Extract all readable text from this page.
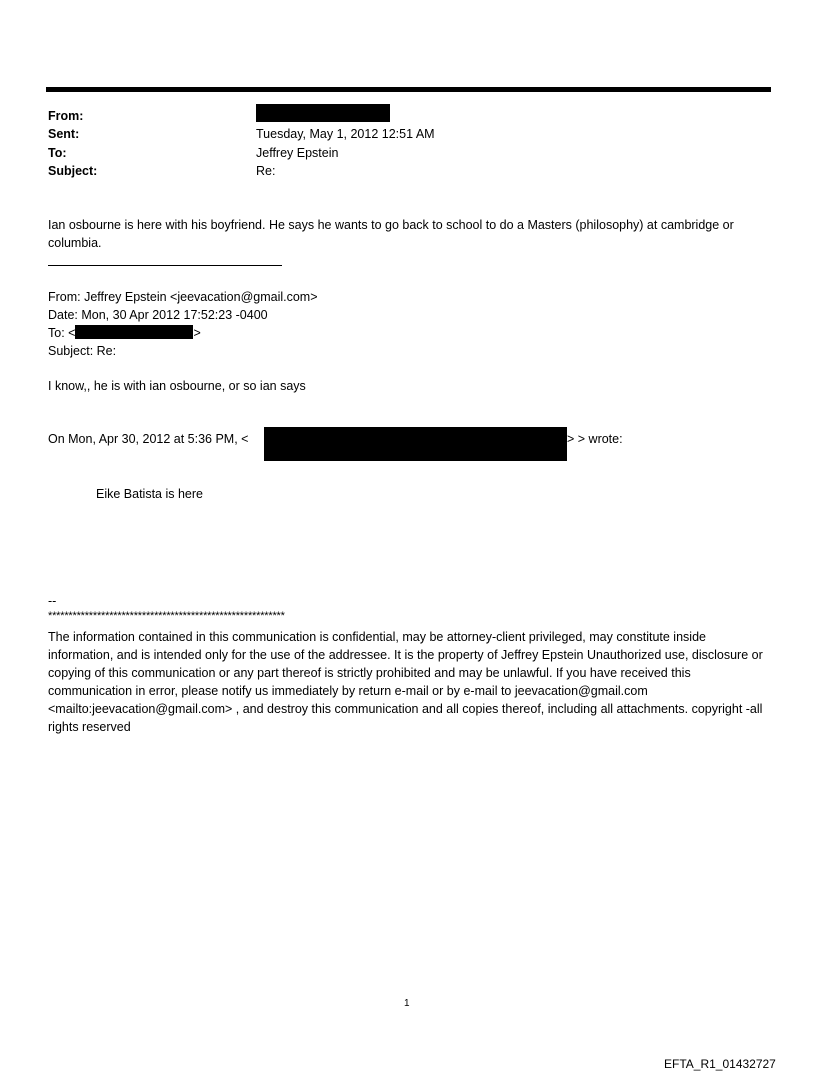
From:
Sent:	Tuesday, May 1, 2012 12:51 AM
To:	Jeffrey Epstein
Subject:	Re:
Ian osbourne is here with his boyfriend. He says he wants to go back to school to do a Masters (philosophy) at cambridge or columbia.
From: Jeffrey Epstein <jeevacation@gmail.com>
Date: Mon, 30 Apr 2012 17:52:23 -0400
To: <	>
Subject: Re:
I know,, he is with ian osbourne, or so ian says
On Mon, Apr 30, 2012 at 5:36 PM, <	> > wrote:
Eike Batista is here
--
**********************************************************
The information contained in this communication is confidential, may be attorney-client privileged, may constitute inside information, and is intended only for the use of the addressee. It is the property of Jeffrey Epstein Unauthorized use, disclosure or copying of this communication or any part thereof is strictly prohibited and may be unlawful. If you have received this communication in error, please notify us immediately by return e-mail or by e-mail to jeevacation@gmail.com <mailto:jeevacation@gmail.com> , and destroy this communication and all copies thereof, including all attachments. copyright -all rights reserved
1
EFTA_R1_01432727
